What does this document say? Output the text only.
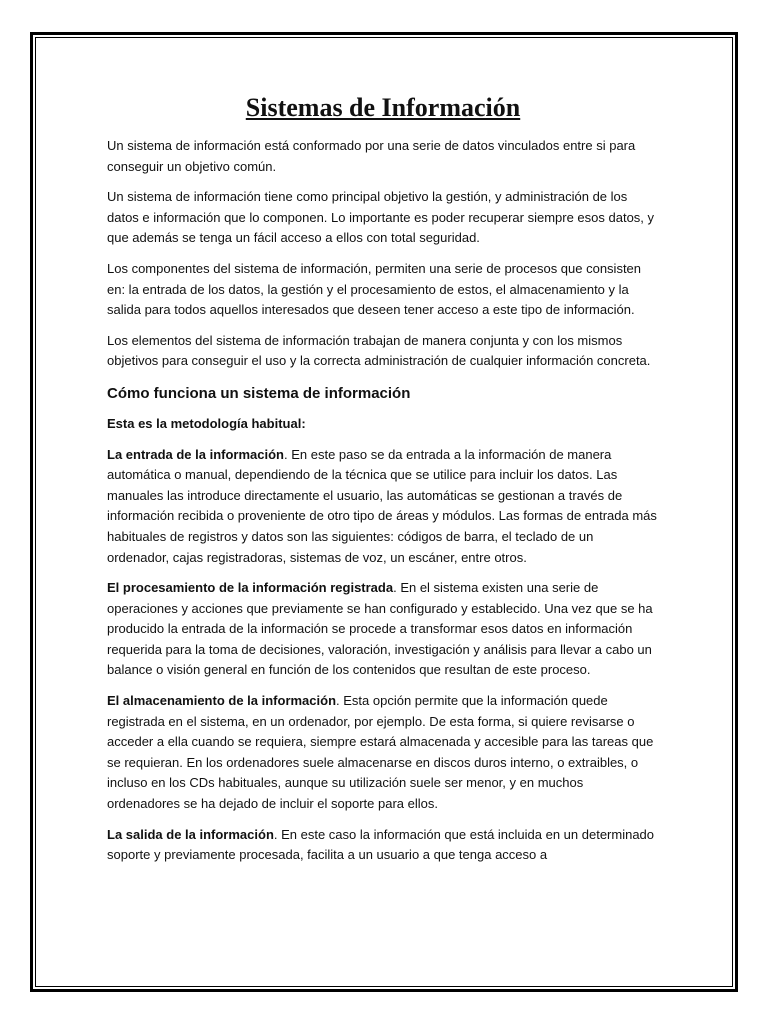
Sistemas de Información

Un sistema de información está conformado por una serie de datos vinculados entre si para conseguir un objetivo común.

Un sistema de información tiene como principal objetivo la gestión, y administración de los datos e información que lo componen. Lo importante es poder recuperar siempre esos datos, y que además se tenga un fácil acceso a ellos con total seguridad.

Los componentes del sistema de información, permiten una serie de procesos que consisten en: la entrada de los datos, la gestión y el procesamiento de estos, el almacenamiento y la salida para todos aquellos interesados que deseen tener acceso a este tipo de información.

Los elementos del sistema de información trabajan de manera conjunta y con los mismos objetivos para conseguir el uso y la correcta administración de cualquier información concreta.

Cómo funciona un sistema de información

Esta es la metodología habitual:

La entrada de la información. En este paso se da entrada a la información de manera automática o manual, dependiendo de la técnica que se utilice para incluir los datos. Las manuales las introduce directamente el usuario, las automáticas se gestionan a través de información recibida o proveniente de otro tipo de áreas y módulos. Las formas de entrada más habituales de registros y datos son las siguientes: códigos de barra, el teclado de un ordenador, cajas registradoras, sistemas de voz, un escáner, entre otros.

El procesamiento de la información registrada. En el sistema existen una serie de operaciones y acciones que previamente se han configurado y establecido. Una vez que se ha producido la entrada de la información se procede a transformar esos datos en información requerida para la toma de decisiones, valoración, investigación y análisis para llevar a cabo un balance o visión general en función de los contenidos que resultan de este proceso.

El almacenamiento de la información. Esta opción permite que la información quede registrada en el sistema, en un ordenador, por ejemplo. De esta forma, si quiere revisarse o acceder a ella cuando se requiera, siempre estará almacenada y accesible para las tareas que se requieran. En los ordenadores suele almacenarse en discos duros interno, o extraibles, o incluso en los CDs habituales, aunque su utilización suele ser menor, y en muchos ordenadores se ha dejado de incluir el soporte para ellos.

La salida de la información. En este caso la información que está incluida en un determinado soporte y previamente procesada, facilita a un usuario a que tenga acceso a
